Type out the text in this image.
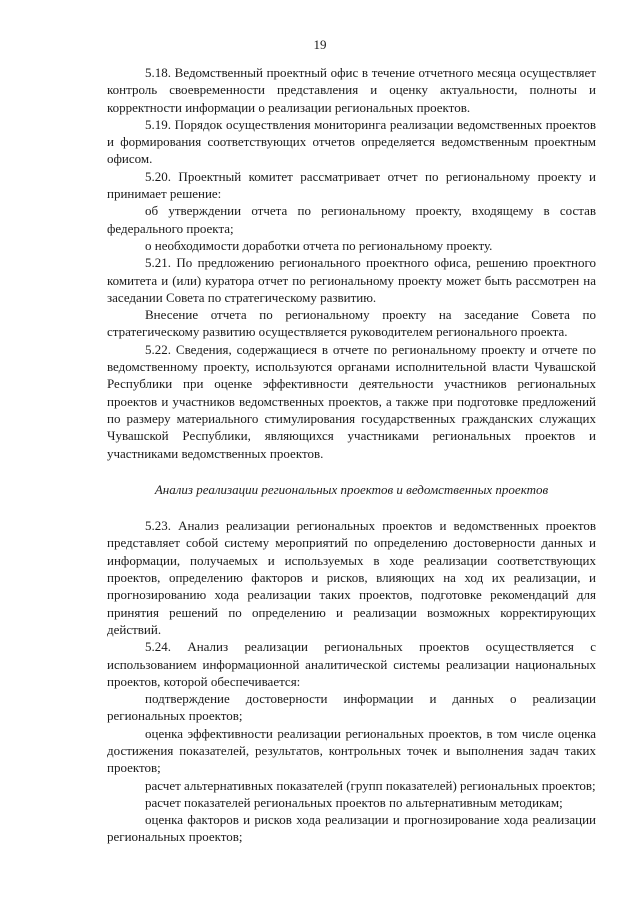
19

5.18. Ведомственный проектный офис в течение отчетного месяца осуществляет контроль своевременности представления и оценку актуальности, полноты и корректности информации о реализации региональных проектов.

5.19. Порядок осуществления мониторинга реализации ведомственных проектов и формирования соответствующих отчетов определяется ведомственным проектным офисом.

5.20. Проектный комитет рассматривает отчет по региональному проекту и принимает решение:

об утверждении отчета по региональному проекту, входящему в состав федерального проекта;

о необходимости доработки отчета по региональному проекту.

5.21. По предложению регионального проектного офиса, решению проектного комитета и (или) куратора отчет по региональному проекту может быть рассмотрен на заседании Совета по стратегическому развитию.

Внесение отчета по региональному проекту на заседание Совета по стратегическому развитию осуществляется руководителем регионального проекта.

5.22. Сведения, содержащиеся в отчете по региональному проекту и отчете по ведомственному проекту, используются органами исполнительной власти Чувашской Республики при оценке эффективности деятельности участников региональных проектов и участников ведомственных проектов, а также при подготовке предложений по размеру материального стимулирования государственных гражданских служащих Чувашской Республики, являющихся участниками региональных проектов и участниками ведомственных проектов.

Анализ реализации региональных проектов и ведомственных проектов

5.23. Анализ реализации региональных проектов и ведомственных проектов представляет собой систему мероприятий по определению достоверности данных и информации, получаемых и используемых в ходе реализации соответствующих проектов, определению факторов и рисков, влияющих на ход их реализации, и прогнозированию хода реализации таких проектов, подготовке рекомендаций для принятия решений по определению и реализации возможных корректирующих действий.

5.24. Анализ реализации региональных проектов осуществляется с использованием информационной аналитической системы реализации национальных проектов, которой обеспечивается:

подтверждение достоверности информации и данных о реализации региональных проектов;

оценка эффективности реализации региональных проектов, в том числе оценка достижения показателей, результатов, контрольных точек и выполнения задач таких проектов;

расчет альтернативных показателей (групп показателей) региональных проектов;

расчет показателей региональных проектов по альтернативным методикам;

оценка факторов и рисков хода реализации и прогнозирование хода реализации региональных проектов;
